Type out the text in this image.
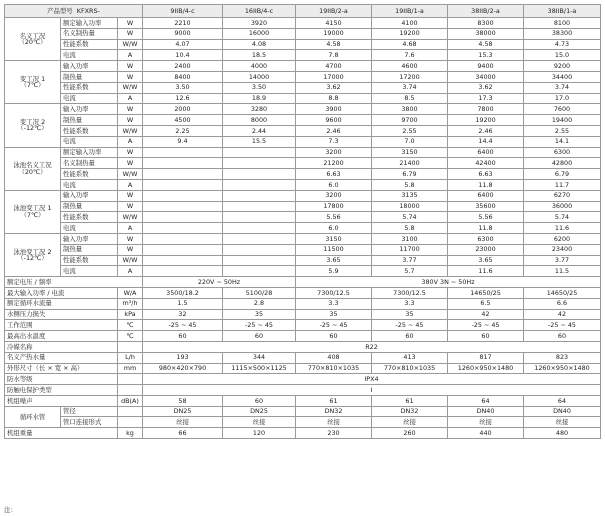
产品型号 KFXRS-			9IIB/4-c	16IIB/4-c	19IIB/2-a	19IIB/1-a	38IIB/2-a	38IIB/1-a

名义工况
（20℃）	额定输入功率	W	2210	3920	4150	4100	8300	8100
	名义制热量	W	9000	16000	19000	19200	38000	38300
	性能系数	W/W	4.07	4.08	4.58	4.68	4.58	4.73
	电流	A	10.4	18.5	7.8	7.6	15.3	15.0

变工况 1
（7℃）	输入功率	W	2400	4000	4700	4600	9400	9200
	制热量	W	8400	14000	17000	17200	34000	34400
	性能系数	W/W	3.50	3.50	3.62	3.74	3.62	3.74
	电流	A	12.6	18.9	8.8	8.5	17.3	17.0

变工况 2
（-12℃）	输入功率	W	2000	3280	3900	3800	7800	7600
	制热量	W	4500	8000	9600	9700	19200	19400
	性能系数	W/W	2.25	2.44	2.46	2.55	2.46	2.55
	电流	A	9.4	15.5	7.3	7.0	14.4	14.1

泳池名义工况
（20℃）	额定输入功率	W			3200	3150	6400	6300
	名义制热量	W			21200	21400	42400	42800
	性能系数	W/W			6.63	6.79	6.63	6.79
	电流	A			6.0	5.8	11.8	11.7

泳池变工况 1
（7℃）	输入功率	W			3200	3135	6400	6270
	制热量	W			17800	18000	35600	36000
	性能系数	W/W			5.56	5.74	5.56	5.74
	电流	A			6.0	5.8	11.8	11.6

泳池变工况 2
（-12℃）	输入功率	W			3150	3100	6300	6200
	制热量	W			11500	11700	23000	23400
	性能系数	W/W			3.65	3.77	3.65	3.77
	电流	A			5.9	5.7	11.6	11.5
额定电压 / 频率			220V ~ 50Hz		380V 3N ~ 50Hz			
最大输入功率 / 电流		W/A	3500/18.2	5100/28	7300/12.5	7300/12.5	14650/25	14650/25
额定循环水流量		m³/h	1.5	2.8	3.3	3.3	6.5	6.6
水侧压力损失		kPa	32	35	35	35	42	42
工作范围		℃	-25 ~ 45	-25 ~ 45	-25 ~ 45	-25 ~ 45	-25 ~ 45	-25 ~ 45
最高出水温度		℃	60	60	60	60	60	60
冷媒名称			R22					
名义产热水量		L/h	193	344	408	413	817	823
外形尺寸（长 × 宽 × 高）		mm	980×420×790	1115×500×1125	770×810×1035	770×810×1035	1260×950×1480	1260×950×1480
防水等级			IPX4					
防触电保护类型			I					
机组噪声		dB(A)	58	60	61	61	64	64
循环水管	管径		DN25	DN25	DN32	DN32	DN40	DN40
	管口连接形式		丝接	丝接	丝接	丝接	丝接	丝接
机组重量		kg	66	120	230	260	440	480
注：
